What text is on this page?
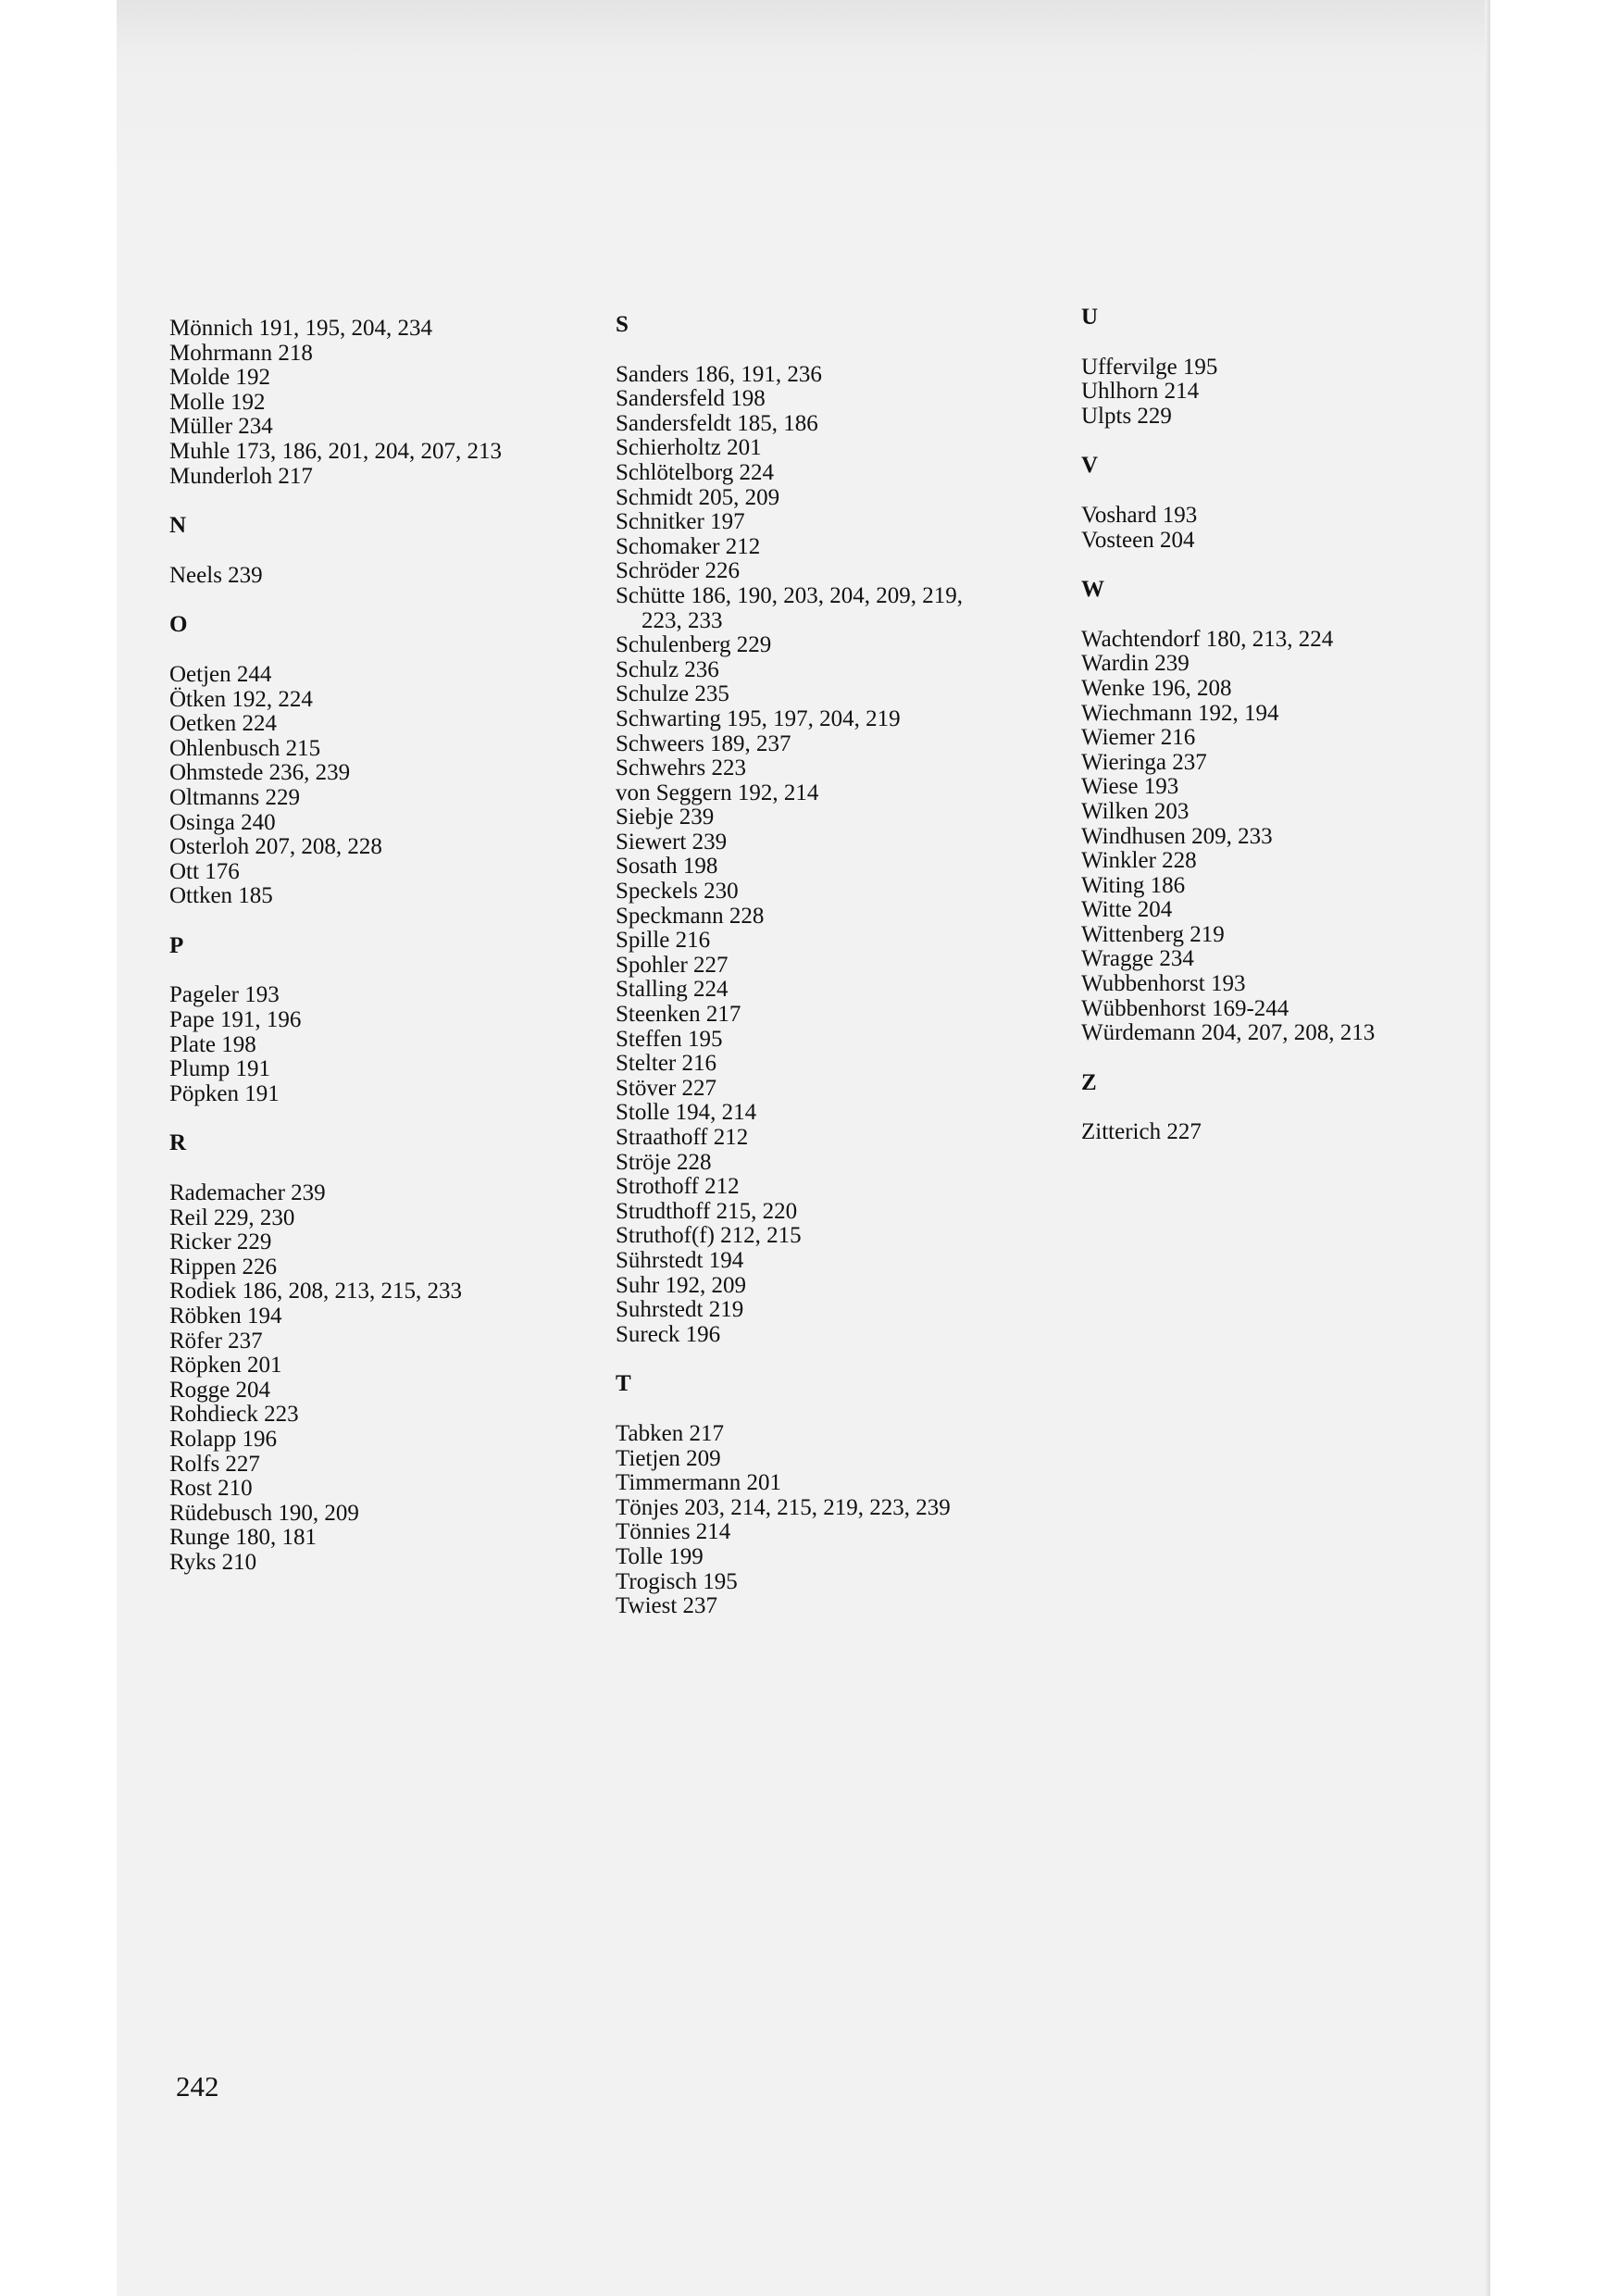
Mönnich 191, 195, 204, 234
Mohrmann 218
Molde 192
Molle 192
Müller 234
Muhle 173, 186, 201, 204, 207, 213
Munderloh 217
N
Neels 239
O
Oetjen 244
Ötken 192, 224
Oetken 224
Ohlenbusch 215
Ohmstede 236, 239
Oltmanns 229
Osinga 240
Osterloh 207, 208, 228
Ott 176
Ottken 185
P
Pageler 193
Pape 191, 196
Plate 198
Plump 191
Pöpken 191
R
Rademacher 239
Reil 229, 230
Ricker 229
Rippen 226
Rodiek 186, 208, 213, 215, 233
Röbken 194
Röfer 237
Röpken 201
Rogge 204
Rohdieck 223
Rolapp 196
Rolfs 227
Rost 210
Rüdebusch 190, 209
Runge 180, 181
Ryks 210
S
Sanders 186, 191, 236
Sandersfeld 198
Sandersfeldt 185, 186
Schierholtz 201
Schlötelborg 224
Schmidt 205, 209
Schnitker 197
Schomaker 212
Schröder 226
Schütte 186, 190, 203, 204, 209, 219,
223, 233
Schulenberg 229
Schulz 236
Schulze 235
Schwarting 195, 197, 204, 219
Schweers 189, 237
Schwehrs 223
von Seggern 192, 214
Siebje 239
Siewert 239
Sosath 198
Speckels 230
Speckmann 228
Spille 216
Spohler 227
Stalling 224
Steenken 217
Steffen 195
Stelter 216
Stöver 227
Stolle 194, 214
Straathoff 212
Ströje 228
Strothoff 212
Strudthoff 215, 220
Struthof(f) 212, 215
Sührstedt 194
Suhr 192, 209
Suhrstedt 219
Sureck 196
T
Tabken 217
Tietjen 209
Timmermann 201
Tönjes 203, 214, 215, 219, 223, 239
Tönnies 214
Tolle 199
Trogisch 195
Twiest 237
U
Uffervilge 195
Uhlhorn 214
Ulpts 229
V
Voshard 193
Vosteen 204
W
Wachtendorf 180, 213, 224
Wardin 239
Wenke 196, 208
Wiechmann 192, 194
Wiemer 216
Wieringa 237
Wiese 193
Wilken 203
Windhusen 209, 233
Winkler 228
Witing 186
Witte 204
Wittenberg 219
Wragge 234
Wubbenhorst 193
Wübbenhorst 169-244
Würdemann 204, 207, 208, 213
Z
Zitterich 227
242
